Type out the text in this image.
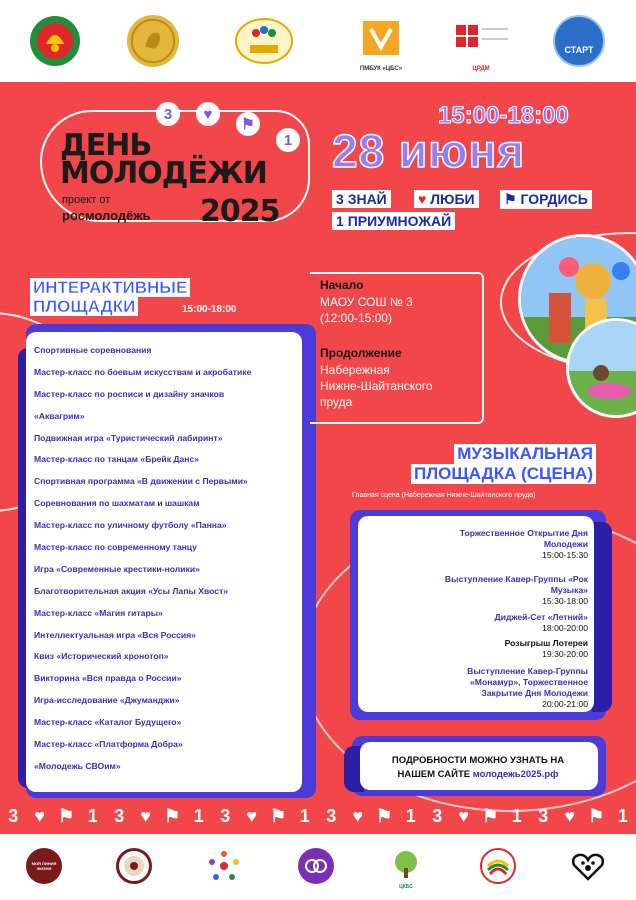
ПМБУК «ЦБС»	ЦРДМ
СТАРТ
ДЕНЬ
МОЛОДЁЖИ
проект от
росмолодёжь 2025
3	♥
⚑
1
15:00-18:00
28 июня
3 ЗНАЙ ♥ ЛЮБИ ⚑ ГОРДИСЬ
1 ПРИУМНОЖАЙ
ИНТЕРАКТИВНЫЕ
ПЛОЩАДКИ	15:00-18:00
Спортивные соревнования
Мастер-класс по боевым искусствам и акробатике
Мастер-класс по росписи и дизайну значков
«Аквагрим»
Подвижная игра «Туристический лабиринт»
Мастер-класс по танцам «Брейк Данс»
Спортивная программа «В движении с Первыми»
Соревнования по шахматам и шашкам
Мастер-класс по уличному футболу «Панна»
Мастер-класс по современному танцу
Игра «Современные крестики-нолики»
Благотворительная акция «Усы Лапы Хвост»
Мастер-класс «Магия гитары»
Интеллектуальная игра «Вся Россия»
Квиз «Исторический хронотоп»
Викторина «Вся правда о России»
Игра-исследование «Джуманджи»
Мастер-класс «Каталог Будущего»
Мастер-класс «Платформа Добра»
«Молодежь СВОим»
Начало
МАОУ СОШ № 3
(12:00-15:00)
Продолжение
Набережная
Нижне-Шайтанского
пруда
МУЗЫКАЛЬНАЯ
ПЛОЩАДКА (СЦЕНА)
Главная сцена (Набережная Нижне-Шайтанского пруда)
Торжественное Открытие Дня
Молодежи
15:00-15:30
Выступление Кавер-Группы «Рок
Музыка»
15:30-18:00
Диджей-Сет «Летний»
18:00-20:00
Розыгрыш Лотереи
19:30-20:00
Выступление Кавер-Группы
«Монамур», Торжественное
Закрытие Дня Молодежи
20:00-21:00
ПОДРОБНОСТИ МОЖНО УЗНАТЬ НА
НАШЕМ САЙТЕ молодежь2025.рф
3 ♥ ⚑ 1 3 ♥ ⚑ 1 3 ♥ ⚑ 1 3 ♥ ⚑ 1 3 ♥ ⚑ 1 3 ♥ ⚑ 1
МОЯ ЛИНИЯ ЖИЗНИ
ЦКБС
